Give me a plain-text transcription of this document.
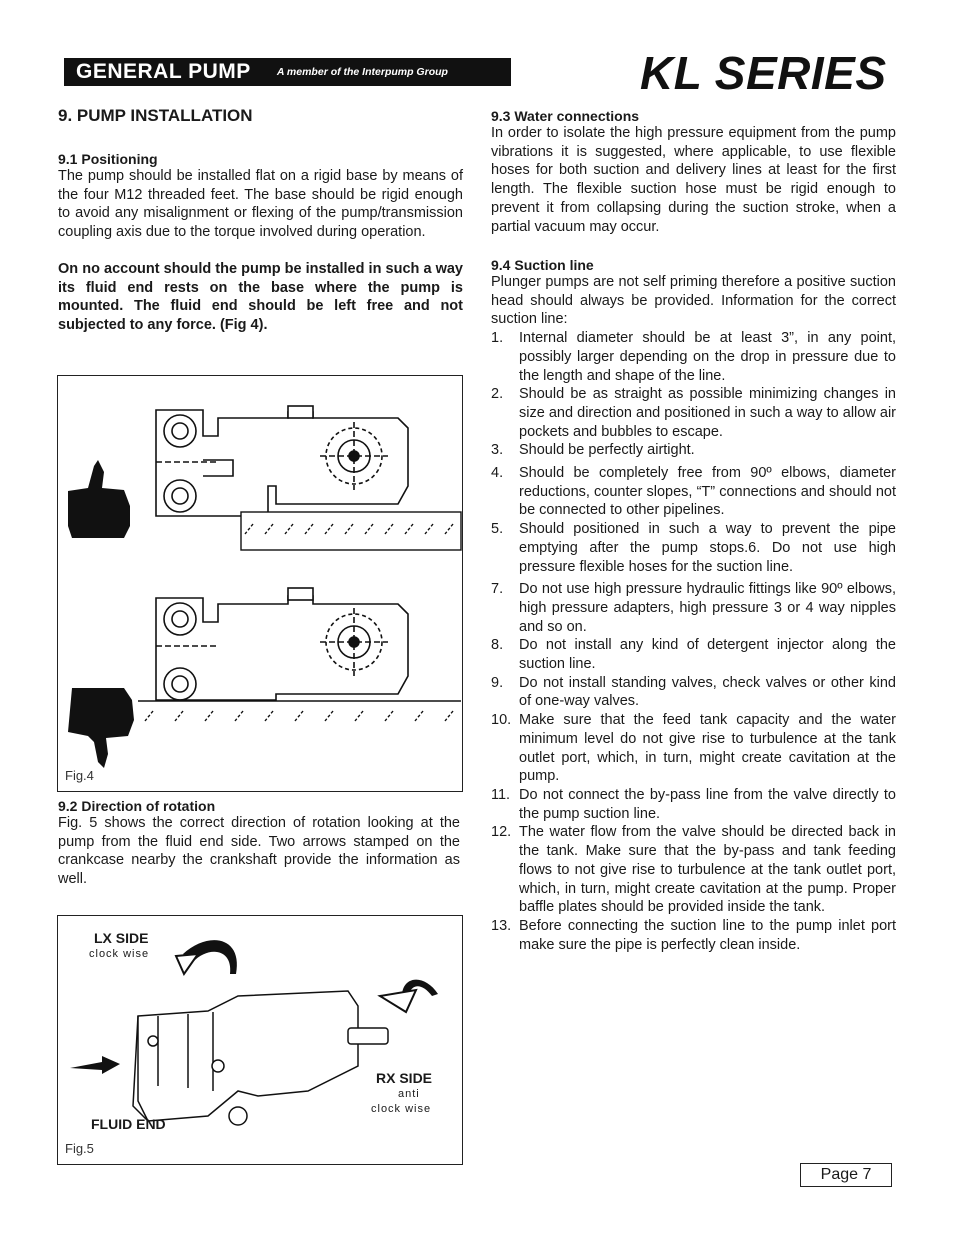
GENERAL PUMP A member of the Interpump Group	KL SERIES
9. PUMP INSTALLATION
9.1 Positioning
The pump should be installed flat on a rigid base by means of the four M12 threaded feet. The base should be rigid enough to avoid any misalignment or flexing of the pump/transmission coupling axis due to the torque involved during operation.
On no account should the pump be installed in such a way its fluid end rests on the base where the pump is mounted. The fluid end should be left free and not subjected to any force. (Fig 4).
Fig.4
9.2 Direction of rotation
Fig. 5 shows the correct direction of rotation looking at the pump from the fluid end side. Two arrows stamped on the crankcase nearby the crankshaft provide the information as well.
LX SIDE
clock wise
RX SIDE
anti
clock wise
FLUID END
Fig.5
9.3 Water connections
In order to isolate the high pressure equipment from the pump vibrations it is suggested, where applicable, to use flexible hoses for both suction and delivery lines at least for the first length. The flexible suction hose must be rigid enough to prevent it from collapsing during the suction stroke, when a partial vacuum may occur.
9.4 Suction line
Plunger pumps are not self priming therefore a positive suction head should always be provided. Information for the correct suction line:
1.	Internal diameter should be at least 3”, in any point, possibly larger depending on the drop in pressure due to the length and shape of the line.
2.	Should be as straight as possible minimizing changes in size and direction and positioned in such a way to allow air pockets and bubbles to escape.
3.	Should be perfectly airtight.
4.	Should be completely free from 90º elbows, diameter reductions, counter slopes, “T” connections and should not be connected to other pipelines.
5.	Should positioned in such a way to prevent the pipe emptying after the pump stops.6. Do not use high pressure flexible hoses for the suction line.
7.	Do not use high pressure hydraulic fittings like 90º elbows, high pressure adapters, high pressure 3 or 4 way nipples and so on.
8.	Do not install any kind of detergent injector along the suction line.
9.	Do not install standing valves, check valves or other kind of one-way valves.
10. Make sure that the feed tank capacity and the water minimum level do not give rise to turbulence at the tank outlet port, which, in turn, might create cavitation at the pump.
11. Do not connect the by-pass line from the valve directly to the pump suction line.
12. The water flow from the valve should be directed back in the tank. Make sure that the by-pass and tank feeding flows to not give rise to turbulence at the tank outlet port, which, in turn, might create cavitation at the pump. Proper baffle plates should be provided inside the tank.
13. Before connecting the suction line to the pump inlet port make sure the pipe is perfectly clean inside.
Page 7
